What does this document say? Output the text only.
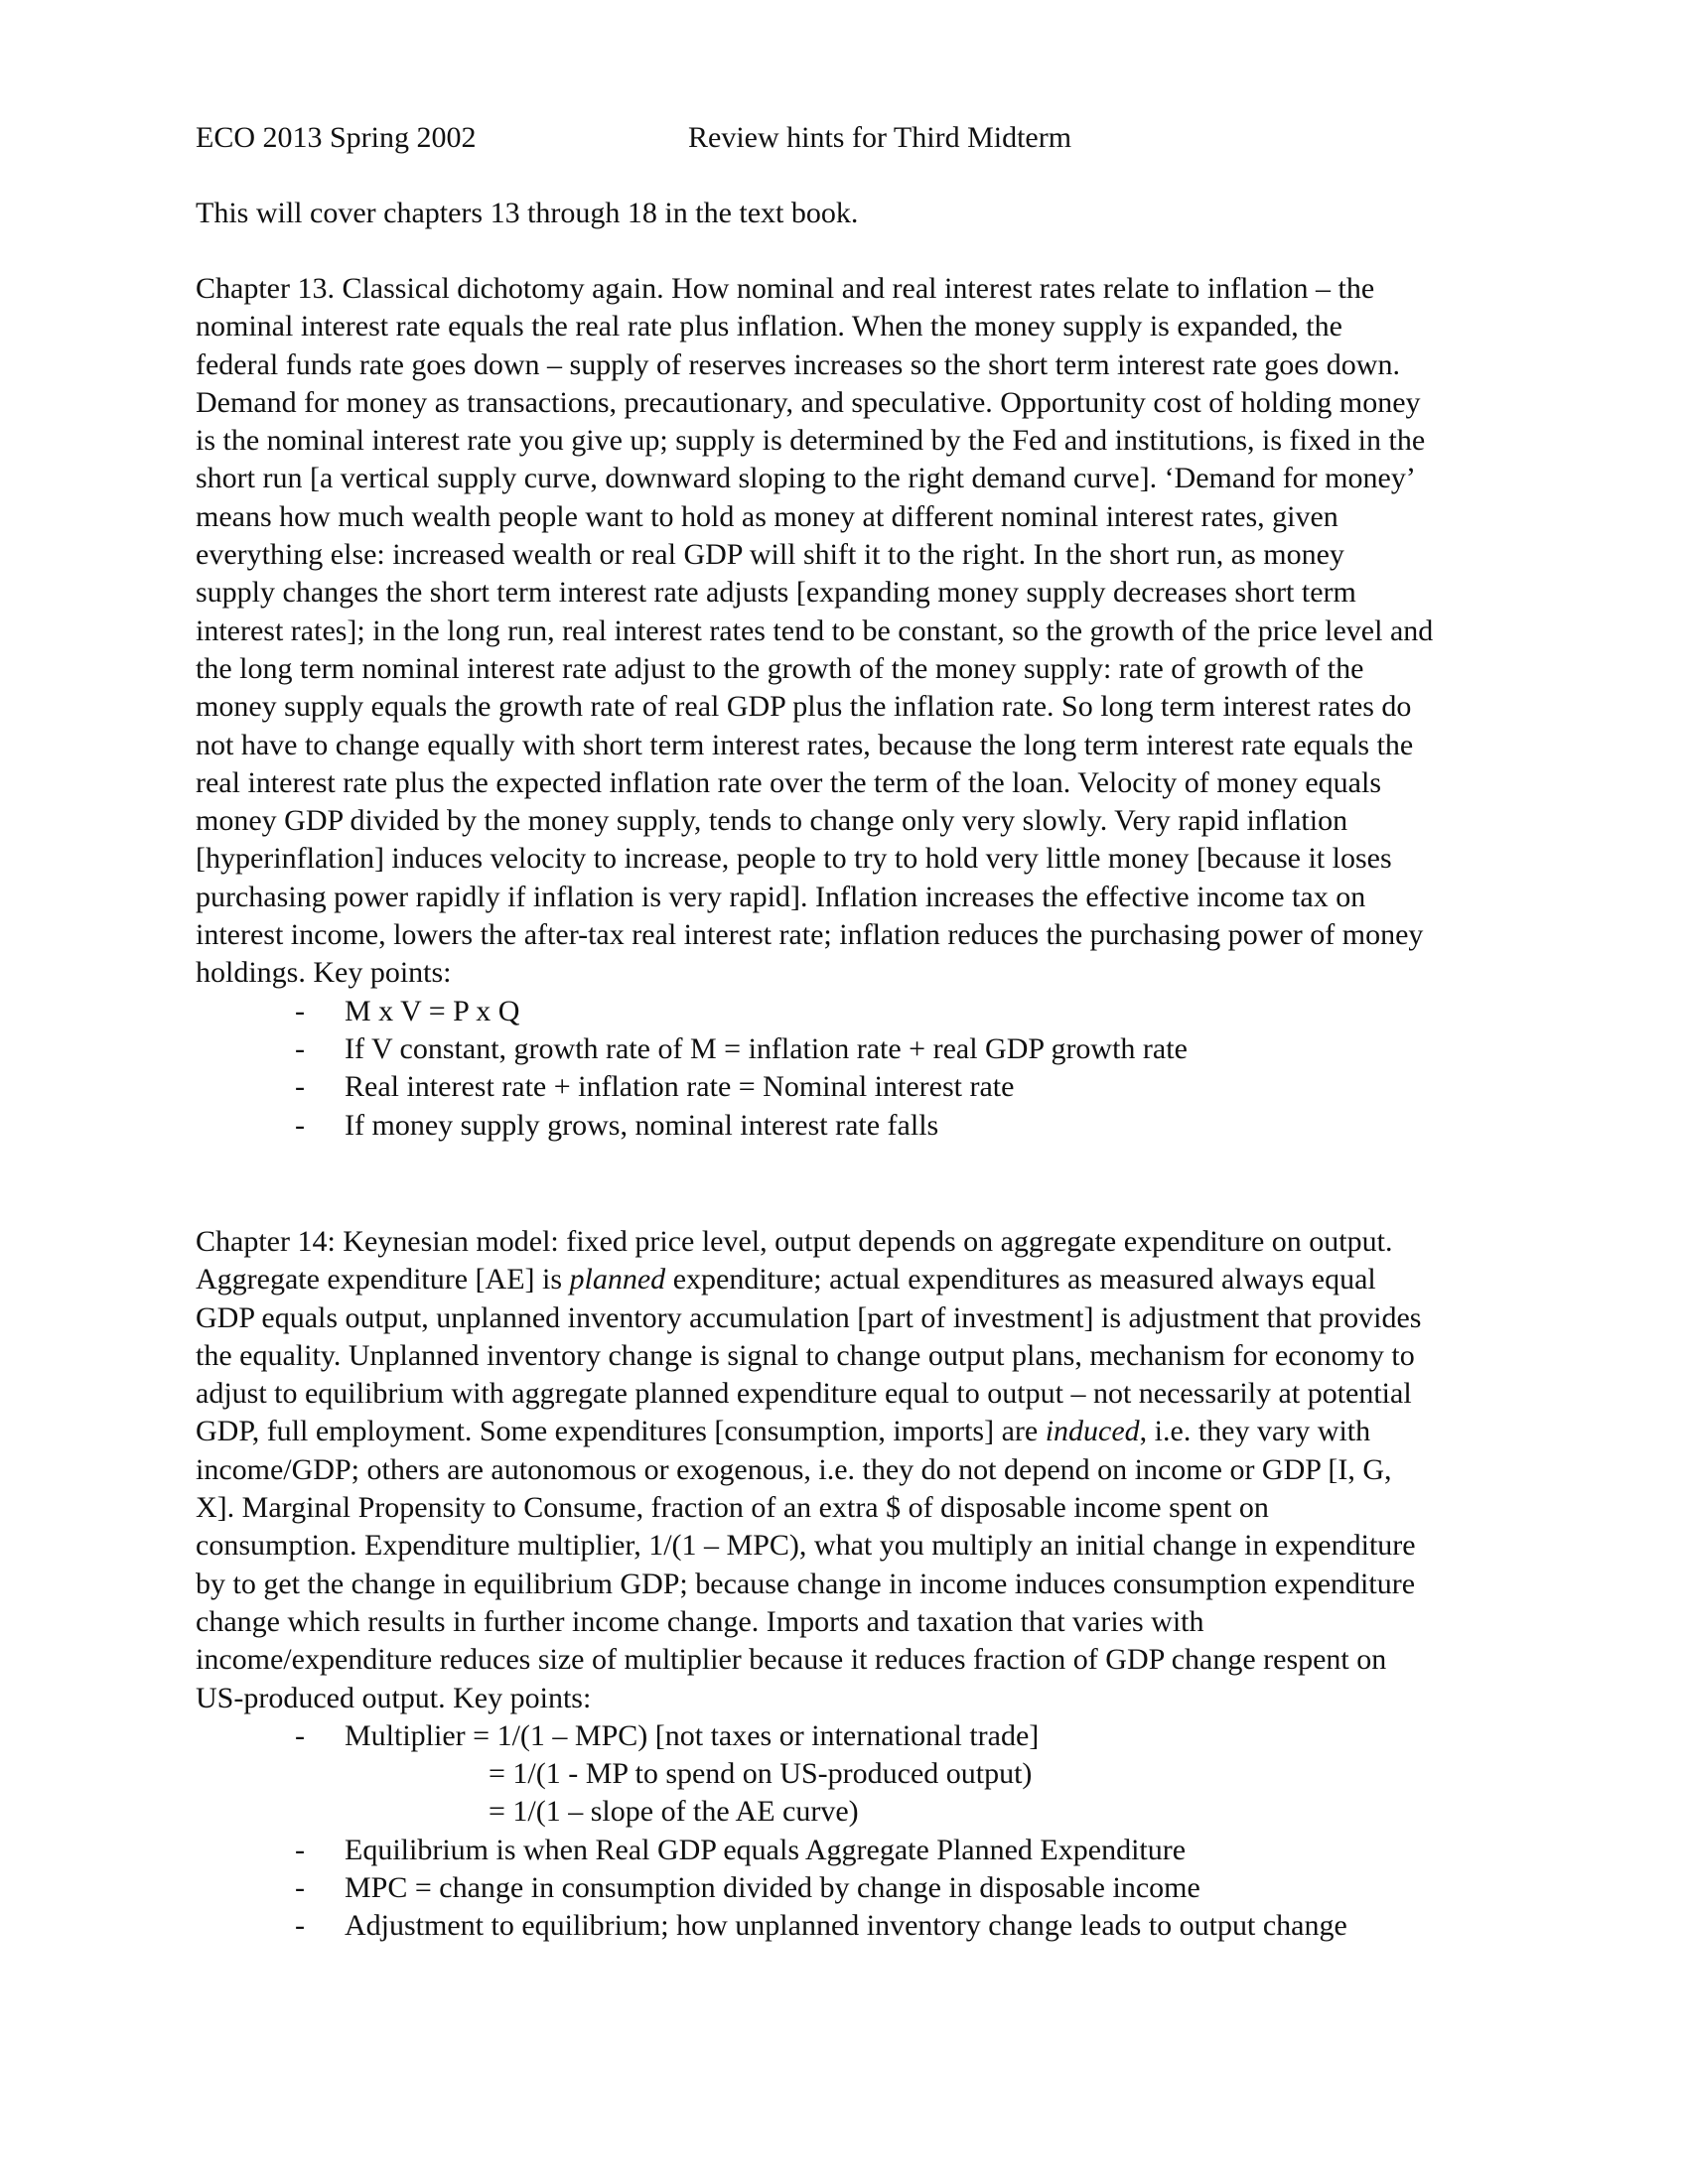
ECO 2013 Spring 2002	Review hints for Third Midterm
This will cover chapters 13 through 18 in the text book.
Chapter 13. Classical dichotomy again. How nominal and real interest rates relate to inflation – the
nominal interest rate equals the real rate plus inflation. When the money supply is expanded, the
federal funds rate goes down – supply of reserves increases so the short term interest rate goes down.
Demand for money as transactions, precautionary, and speculative. Opportunity cost of holding money
is the nominal interest rate you give up; supply is determined by the Fed and institutions, is fixed in the
short run [a vertical supply curve, downward sloping to the right demand curve]. ‘Demand for money’
means how much wealth people want to hold as money at different nominal interest rates, given
everything else: increased wealth or real GDP will shift it to the right. In the short run, as money
supply changes the short term interest rate adjusts [expanding money supply decreases short term
interest rates]; in the long run, real interest rates tend to be constant, so the growth of the price level and
the long term nominal interest rate adjust to the growth of the money supply: rate of growth of the
money supply equals the growth rate of real GDP plus the inflation rate. So long term interest rates do
not have to change equally with short term interest rates, because the long term interest rate equals the
real interest rate plus the expected inflation rate over the term of the loan. Velocity of money equals
money GDP divided by the money supply, tends to change only very slowly. Very rapid inflation
[hyperinflation] induces velocity to increase, people to try to hold very little money [because it loses
purchasing power rapidly if inflation is very rapid]. Inflation increases the effective income tax on
interest income, lowers the after-tax real interest rate; inflation reduces the purchasing power of money
holdings. Key points:
- M x V = P x Q
- If V constant, growth rate of M = inflation rate + real GDP growth rate
- Real interest rate + inflation rate = Nominal interest rate
- If money supply grows, nominal interest rate falls
Chapter 14: Keynesian model: fixed price level, output depends on aggregate expenditure on output.
Aggregate expenditure [AE] is planned expenditure; actual expenditures as measured always equal
GDP equals output, unplanned inventory accumulation [part of investment] is adjustment that provides
the equality. Unplanned inventory change is signal to change output plans, mechanism for economy to
adjust to equilibrium with aggregate planned expenditure equal to output – not necessarily at potential
GDP, full employment. Some expenditures [consumption, imports] are induced, i.e. they vary with
income/GDP; others are autonomous or exogenous, i.e. they do not depend on income or GDP [I, G,
X]. Marginal Propensity to Consume, fraction of an extra $ of disposable income spent on
consumption. Expenditure multiplier, 1/(1 – MPC), what you multiply an initial change in expenditure
by to get the change in equilibrium GDP; because change in income induces consumption expenditure
change which results in further income change. Imports and taxation that varies with
income/expenditure reduces size of multiplier because it reduces fraction of GDP change respent on
US-produced output. Key points:
- Multiplier = 1/(1 – MPC) [not taxes or international trade]
= 1/(1 - MP to spend on US-produced output)
= 1/(1 – slope of the AE curve)
- Equilibrium is when Real GDP equals Aggregate Planned Expenditure
- MPC = change in consumption divided by change in disposable income
- Adjustment to equilibrium; how unplanned inventory change leads to output change
